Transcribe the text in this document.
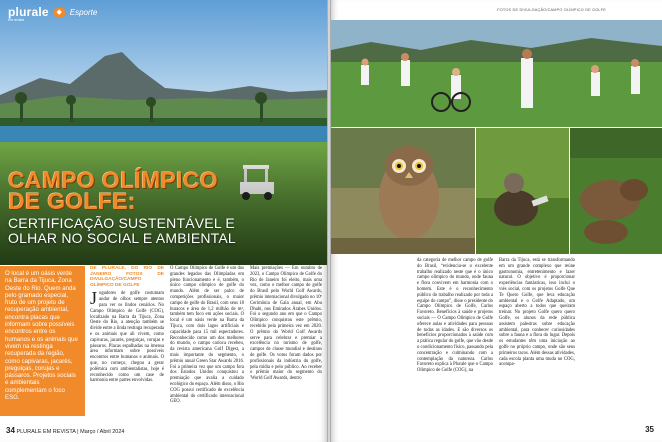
plurale
em revista
◆ Esporte
CAMPO OLÍMPICO
DE GOLFE:
CERTIFICAÇÃO SUSTENTÁVEL E
OLHAR NO SOCIAL E AMBIENTAL
O local é um oásis verde na Barra da Tijuca, Zona Oeste do Rio. Quem anda pelo gramado especial, fruto de um projeto de recuperação ambiental, encontra placas que informam sobre possíveis encontros entre os humanos e os animais que vivem na restinga recuperada da região, como capivaras, jacarés, preguiças, corujas e pássaros. Projetos sociais e ambientais complementam o foco ESG.
DE PLURALE, DO RIO DE JANEIRO FOTOS DE DIVULGAÇÃO/CAMPO OLÍMPICO DE GOLFE
J ogadores de golfe costumam andar de olhos sempre atentos para ver os lindos cenários. No Campo Olímpico de Golfe (COG), localizado na Barra da Tijuca, Zona Oeste do Rio, a atenção também se divide entre a linda restinga recuperada e os animais que ali vivem, como capivaras, jacarés, preguiças, corujas e pássaros. Placas espalhadas na imensa área informam sobre possíveis encontros entre humanos e animais. O que, no começo, chegou a gerar polêmica com ambientalistas, hoje é reconhecido como um case de harmonia entre partes envolvidas.
O Campo Olímpico de Golfe é um dos grandes legados das Olimpíadas em pleno funcionamento e é, também, o único campo olímpico de golfe do mundo. Além de ser palco de competições profissionais, o maior campo de golfe do Brasil, com seus 18 buracos e área de 1,2 milhão de m², também tem foco em ações sociais. O local é um oásis verde na Barra da Tijuca, com dois lagos artificiais e capacidade para 15 mil espectadores. Reconhecido como um dos melhores do mundo, o campo carioca recebeu, da revista americana Golf Digest, a mais importante do segmento, o prêmio anual Green Star Awards 2016. Foi a primeira vez que um campo fora dos Estados Unidos conquistou a premiação que avalia a cuidado ecológico do espaço. Além disso, o Rio COG possui certificado de excelência ambiental do certificado internacional GEO.
Mais premiações — Em outubro de 2023, o Campo Olímpico de Golfe do Rio de Janeiro foi eleito, mais uma vez, como o melhor campo de golfe do Brasil pelo World Golf Awards, prêmio internacional divulgado no 10º Cerimônia de Gala anual, em Abu Dhabi, nos Emirados Árabes Unidos. Foi o segundo ano em que o Campo Olímpico conquistou este prêmio, recebido pela primeira vez em 2020. O prêmio do World Golf Awards serve para celebrar e premiar a excelência no turismo de golfe, campos de classe mundial e destinos de golfe. Os votos foram dados por profissionais da indústria do golfe, pela mídia e pelo público. Ao receber o prêmio maior do segmento do 'World Golf Awards, dentro
34 PLURALE EM REVISTA | Março / Abril 2024
FOTOS DE DIVULGAÇÃO/CAMPO OLÍMPICO DE GOLFE
da categoria de melhor campo de golfe do Brasil, “evidencia-se o excelente trabalho realizado neste que é o único campo olímpico do mundo, onde fauna e flora convivem em harmonia com o homem. Este é o reconhecimento público do trabalho realizado por toda a equipe do campo”, disse o presidente do Campo Olímpico de Golfe, Carlos Favoreto. Benefícios à saúde e projetos sociais — O Campo Olímpico de Golfe oferece aulas e atividades para pessoas de todas as idades. E são diversos os benefícios proporcionados à saúde com a prática regular do golfe, que vão desde o condicionamento físico, passando pela concentração e culminando com a contemplação da natureza. Carlos Favoreto explica à Plurale que o Campo Olímpico de Golfe (COG), na
Barra da Tijuca, está se transformando em um grande complexo que reúne gastronomia, entretenimento e lazer natural. O objetivo é proporcionar experiências fantásticas, isso inclui o viés social, com os projetos Golfe Que Te Quero Golfe, que leva educação ambiental e o Golfe Adaptado, um espaço aberto a todos que queiram treinar. No projeto Golfe quero quero Golfe, os alunos da rede pública assistem palestras sobre educação ambiental, para conhecer curiosidades sobre a fauna e a flora do lugar. Depois os estudantes têm uma iniciação ao golfe no próprio campo, onde são seus primeiros tacos. Além dessas atividades, cada escola planta uma muda no COG, acompa-
35
